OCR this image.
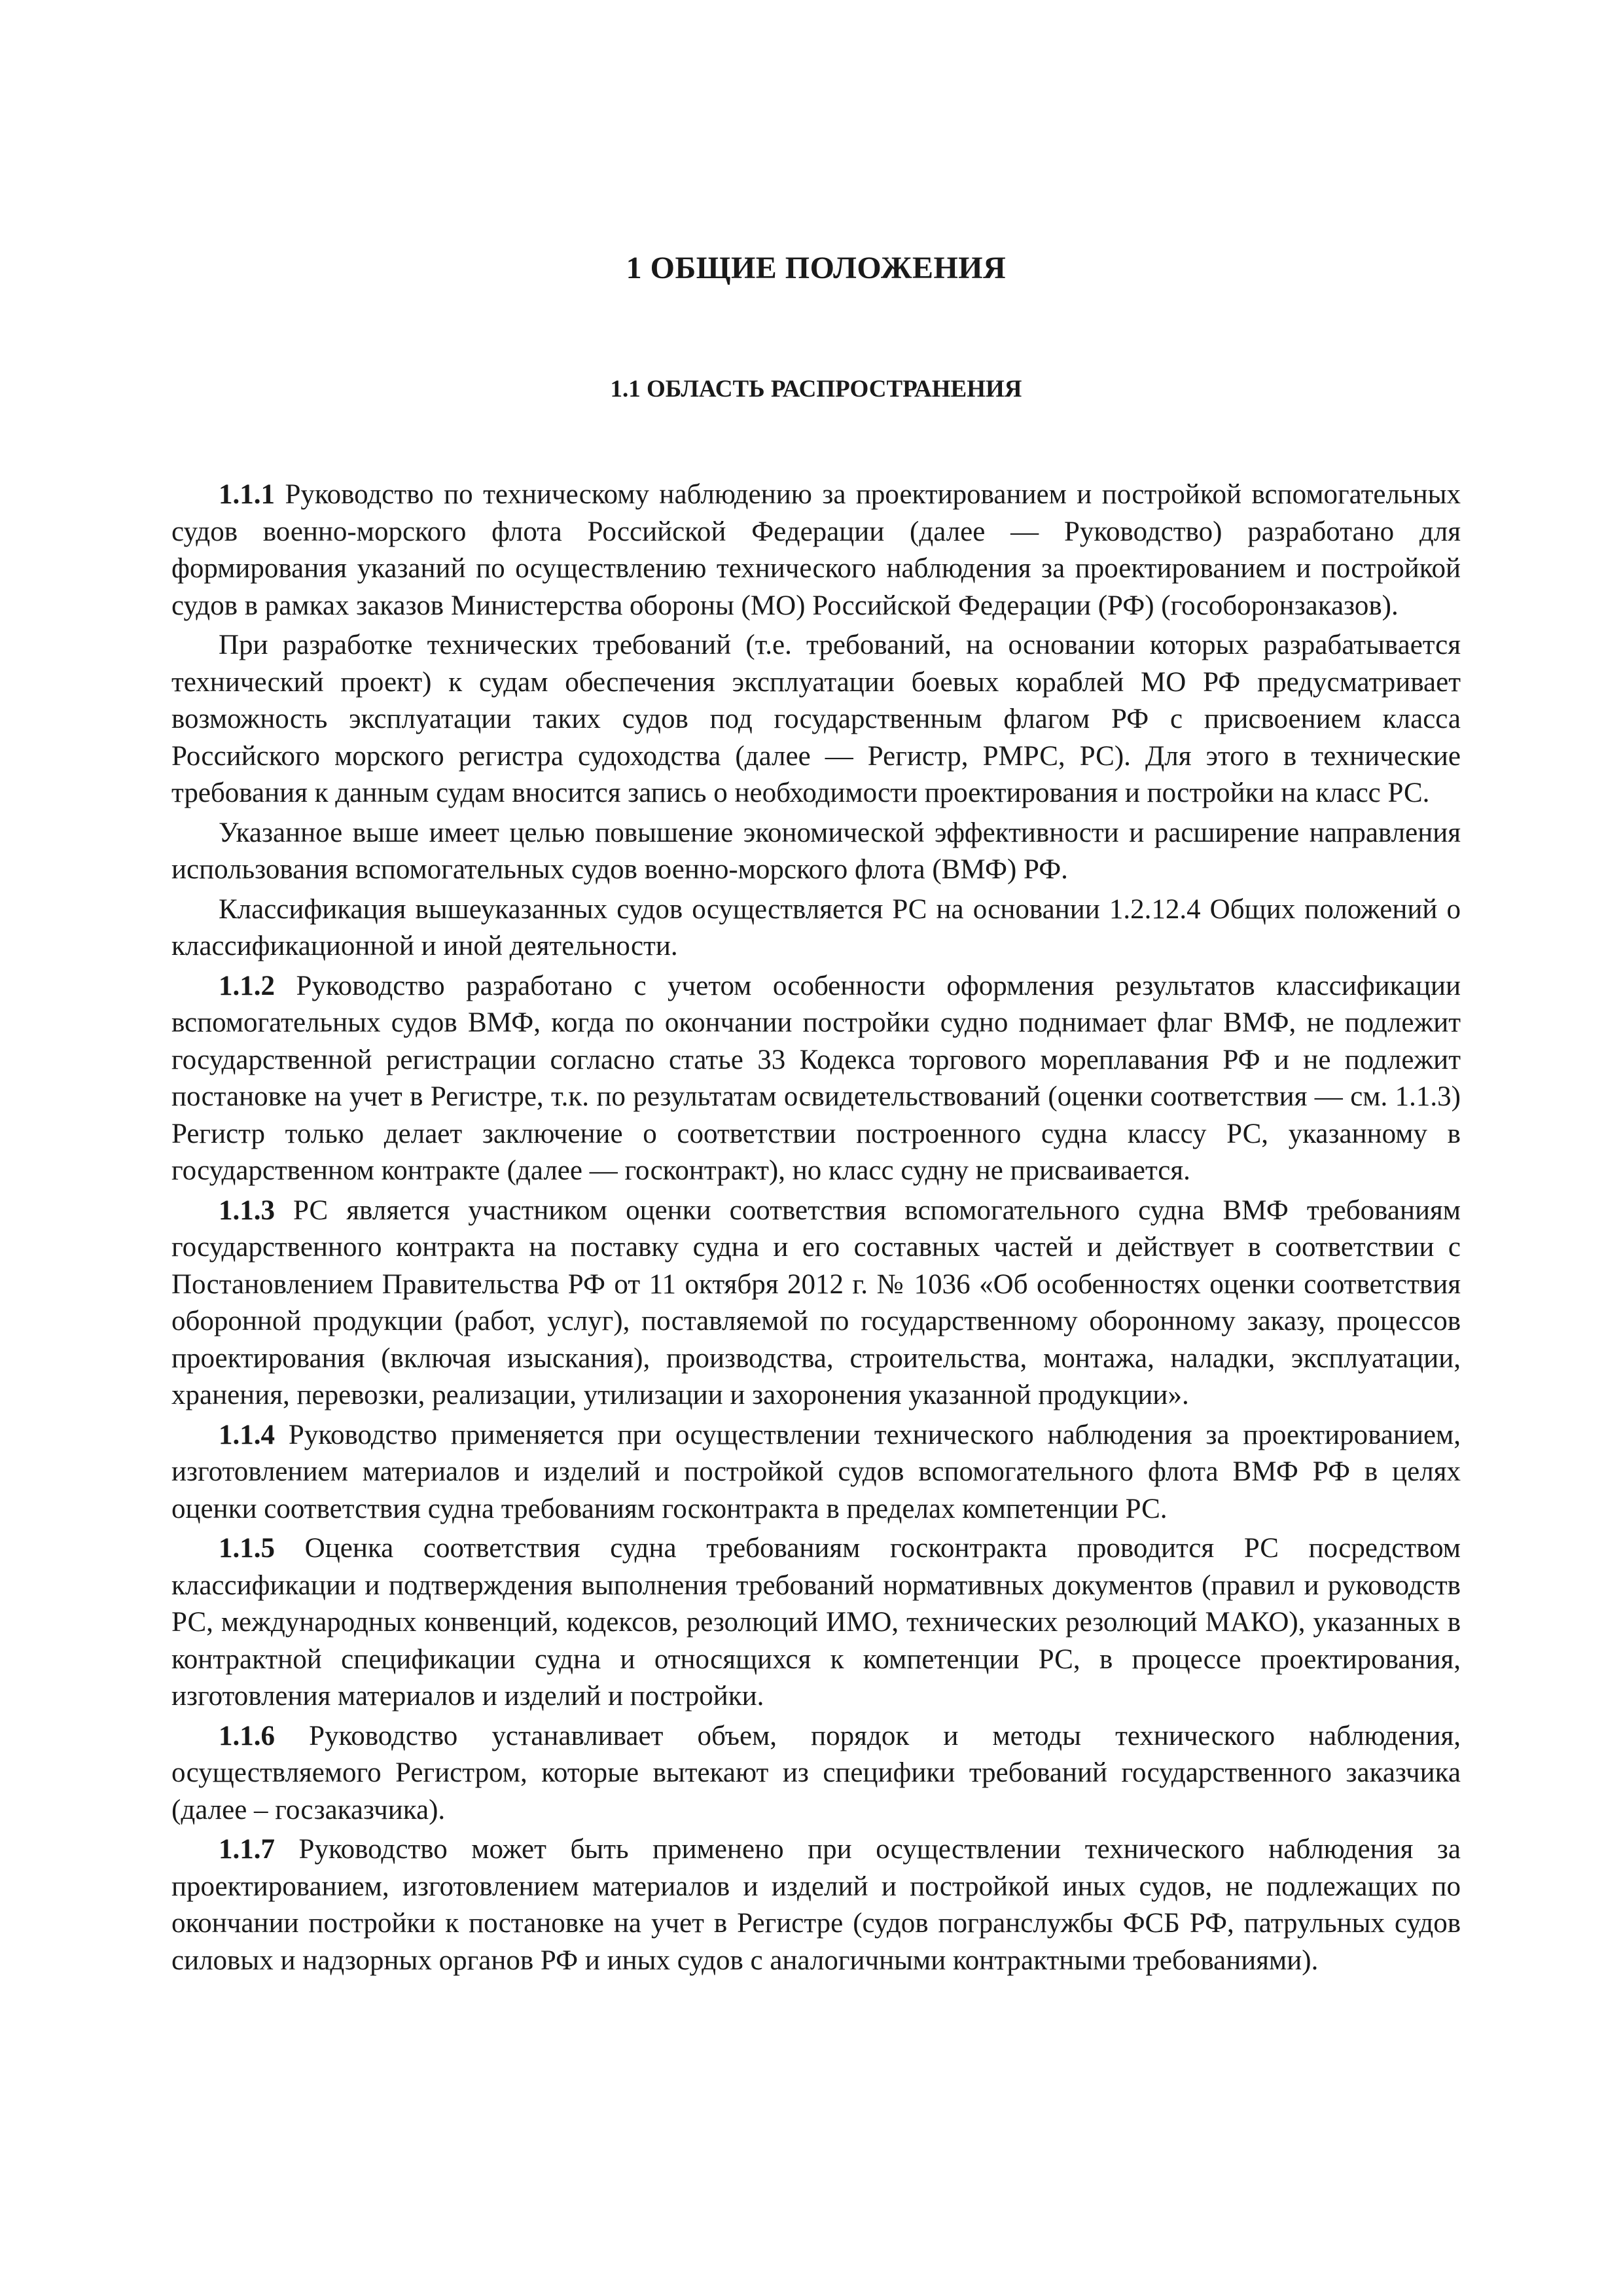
1 ОБЩИЕ ПОЛОЖЕНИЯ
1.1 ОБЛАСТЬ РАСПРОСТРАНЕНИЯ

1.1.1 Руководство по техническому наблюдению за проектированием и постройкой вспомогательных судов военно-морского флота Российской Федерации (далее — Руководство) разработано для формирования указаний по осуществлению технического наблюдения за проектированием и постройкой судов в рамках заказов Министерства обороны (МО) Российской Федерации (РФ) (гособоронзаказов).

При разработке технических требований (т.е. требований, на основании которых разрабатывается технический проект) к судам обеспечения эксплуатации боевых кораблей МО РФ предусматривает возможность эксплуатации таких судов под государственным флагом РФ с присвоением класса Российского морского регистра судоходства (далее — Регистр, РМРС, РС). Для этого в технические требования к данным судам вносится запись о необходимости проектирования и постройки на класс РС.

Указанное выше имеет целью повышение экономической эффективности и расширение направления использования вспомогательных судов военно-морского флота (ВМФ) РФ.

Классификация вышеуказанных судов осуществляется РС на основании 1.2.12.4 Общих положений о классификационной и иной деятельности.

1.1.2 Руководство разработано с учетом особенности оформления результатов классификации вспомогательных судов ВМФ, когда по окончании постройки судно поднимает флаг ВМФ, не подлежит государственной регистрации согласно статье 33 Кодекса торгового мореплавания РФ и не подлежит постановке на учет в Регистре, т.к. по результатам освидетельствований (оценки соответствия — см. 1.1.3) Регистр только делает заключение о соответствии построенного судна классу РС, указанному в государственном контракте (далее — госконтракт), но класс судну не присваивается.

1.1.3 РС является участником оценки соответствия вспомогательного судна ВМФ требованиям государственного контракта на поставку судна и его составных частей и действует в соответствии с Постановлением Правительства РФ от 11 октября 2012 г. № 1036 «Об особенностях оценки соответствия оборонной продукции (работ, услуг), поставляемой по государственному оборонному заказу, процессов проектирования (включая изыскания), производства, строительства, монтажа, наладки, эксплуатации, хранения, перевозки, реализации, утилизации и захоронения указанной продукции».

1.1.4 Руководство применяется при осуществлении технического наблюдения за проектированием, изготовлением материалов и изделий и постройкой судов вспомогательного флота ВМФ РФ в целях оценки соответствия судна требованиям госконтракта в пределах компетенции РС.

1.1.5 Оценка соответствия судна требованиям госконтракта проводится РС посредством классификации и подтверждения выполнения требований нормативных документов (правил и руководств РС, международных конвенций, кодексов, резолюций ИМО, технических резолюций МАКО), указанных в контрактной спецификации судна и относящихся к компетенции РС, в процессе проектирования, изготовления материалов и изделий и постройки.

1.1.6 Руководство устанавливает объем, порядок и методы технического наблюдения, осуществляемого Регистром, которые вытекают из специфики требований государственного заказчика (далее – госзаказчика).

1.1.7 Руководство может быть применено при осуществлении технического наблюдения за проектированием, изготовлением материалов и изделий и постройкой иных судов, не подлежащих по окончании постройки к постановке на учет в Регистре (судов погранслужбы ФСБ РФ, патрульных судов силовых и надзорных органов РФ и иных судов с аналогичными контрактными требованиями).
